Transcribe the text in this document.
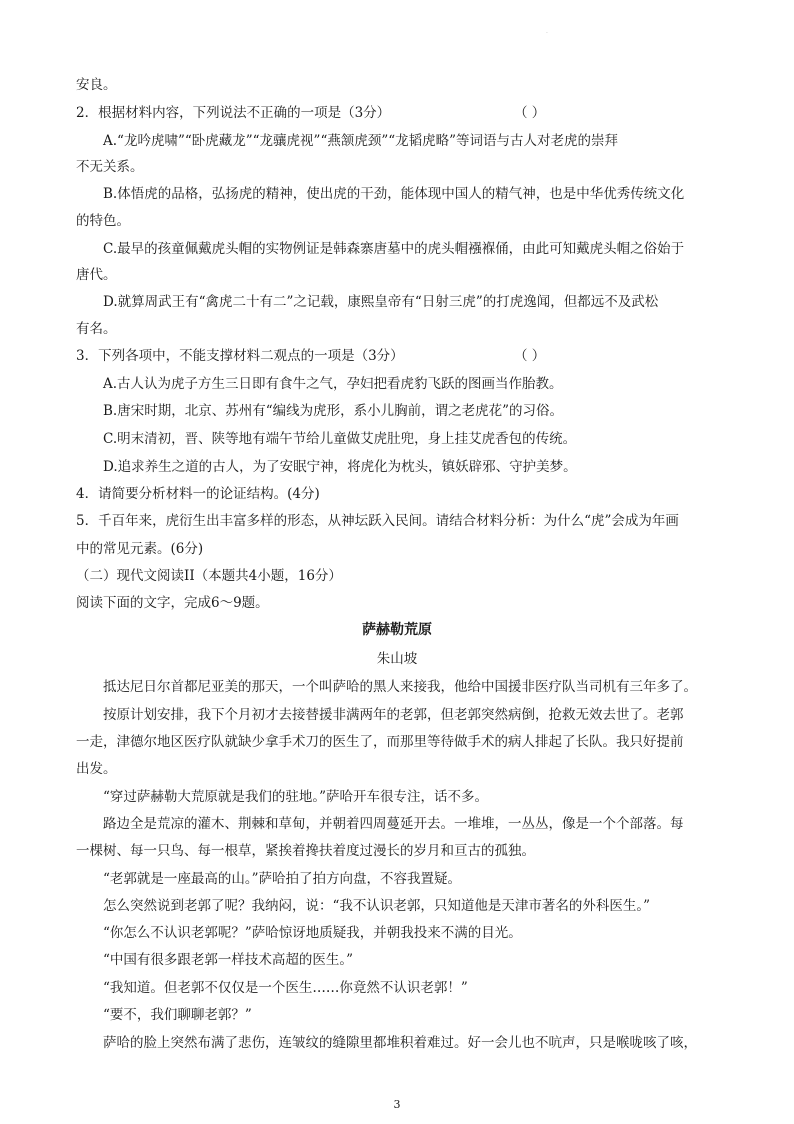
·
安良。
2．根据材料内容，下列说法不正确的一项是（3分）	（ ）
A.“龙吟虎啸”“卧虎藏龙”“龙骧虎视”“燕颔虎颈”“龙韬虎略”等词语与古人对老虎的崇拜
不无关系。
B.体悟虎的品格，弘扬虎的精神，使出虎的干劲，能体现中国人的精气神，也是中华优秀传统文化
的特色。
C.最早的孩童佩戴虎头帽的实物例证是韩森寨唐墓中的虎头帽襁褓俑，由此可知戴虎头帽之俗始于
唐代。
D.就算周武王有“禽虎二十有二”之记载，康熙皇帝有“日射三虎”的打虎逸闻，但都远不及武松
有名。
3．下列各项中，不能支撑材料二观点的一项是（3分）	（ ）
A.古人认为虎子方生三日即有食牛之气，孕妇把看虎豹飞跃的图画当作胎教。
B.唐宋时期，北京、苏州有“编线为虎形，系小儿胸前，谓之老虎花”的习俗。
C.明末清初，晋、陕等地有端午节给儿童做艾虎肚兜，身上挂艾虎香包的传统。
D.追求养生之道的古人，为了安眠宁神，将虎化为枕头，镇妖辟邪、守护美梦。
4．请简要分析材料一的论证结构。(4分)
5．千百年来，虎衍生出丰富多样的形态，从神坛跃入民间。请结合材料分析：为什么“虎”会成为年画
中的常见元素。(6分)
（二）现代文阅读II（本题共4小题，16分）
阅读下面的文字，完成6～9题。
萨赫勒荒原
朱山坡
抵达尼日尔首都尼亚美的那天，一个叫萨哈的黑人来接我，他给中国援非医疗队当司机有三年多了。
按原计划安排，我下个月初才去接替援非满两年的老郭，但老郭突然病倒，抢救无效去世了。老郭
一走，津德尔地区医疗队就缺少拿手术刀的医生了，而那里等待做手术的病人排起了长队。我只好提前
出发。
“穿过萨赫勒大荒原就是我们的驻地。”萨哈开车很专注，话不多。
路边全是荒凉的灌木、荆棘和草甸，并朝着四周蔓延开去。一堆堆，一丛丛，像是一个个部落。每
一棵树、每一只鸟、每一根草，紧挨着搀扶着度过漫长的岁月和亘古的孤独。
“老郭就是一座最高的山。”萨哈拍了拍方向盘，不容我置疑。
怎么突然说到老郭了呢？我纳闷，说：“我不认识老郭，只知道他是天津市著名的外科医生。”
“你怎么不认识老郭呢？”萨哈惊讶地质疑我，并朝我投来不满的目光。
“中国有很多跟老郭一样技术高超的医生。”
“我知道。但老郭不仅仅是一个医生……你竟然不认识老郭！”
“要不，我们聊聊老郭？”
萨哈的脸上突然布满了悲伤，连皱纹的缝隙里都堆积着难过。好一会儿也不吭声，只是喉咙咳了咳，
3
